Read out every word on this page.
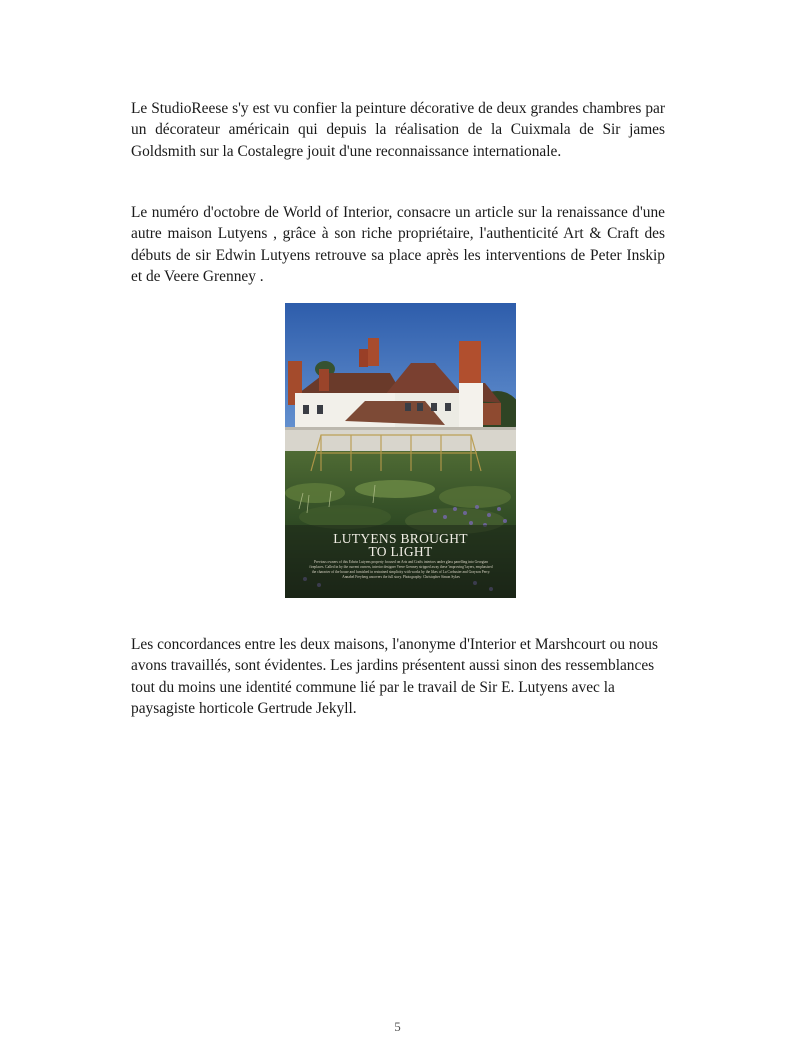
Le StudioReese s'y est vu confier la peinture décorative de deux grandes chambres par un décorateur américain qui depuis la réalisation de la Cuixmala de Sir james Goldsmith sur la Costalegre jouit d'une reconnaissance internationale.

Le numéro d'octobre de World of Interior, consacre un article sur la renaissance d'une autre maison Lutyens , grâce à son riche propriétaire, l'authenticité Art & Craft des débuts de sir Edwin Lutyens retrouve sa place après les interventions de Peter Inskip et de Veere Grenney .

LUTYENS BROUGHT
TO LIGHT
Previous owners of this Edwin Lutyens property focused on Arts and Crafts interiors under glass panelling into Georgian fireplaces. Called in by the current owners, interior designer Veere Grenney stripped away these 'improving' layers, emphasised the character of the house and furnished in restrained simplicity with works by the likes of Lu Corbusier and Grayson Perry. Annabel Freyberg uncovers the full story. Photography: Christopher Simon Sykes

Les concordances entre les deux maisons, l'anonyme d'Interior et Marshcourt ou nous avons travaillés, sont évidentes. Les jardins présentent aussi sinon des ressemblances tout du moins une identité commune lié par le travail de Sir E. Lutyens avec la paysagiste horticole Gertrude Jekyll.

5
